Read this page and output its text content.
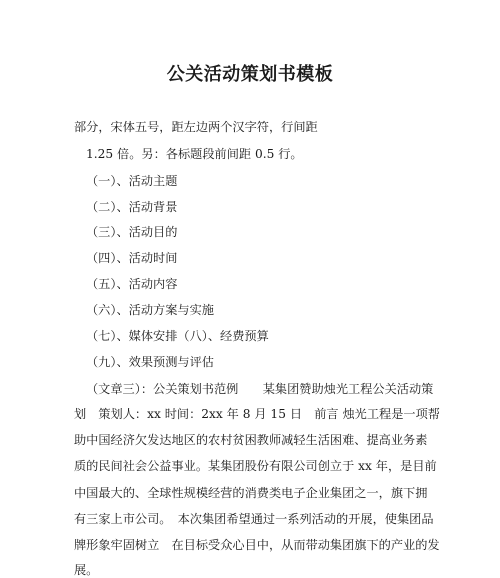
公关活动策划书模板
部分，宋体五号，距左边两个汉字符，行间距
1.25 倍。另：各标题段前间距 0.5 行。
（一）、活动主题
（二）、活动背景
（三）、活动目的
（四）、活动时间
（五）、活动内容
（六）、活动方案与实施
（七）、媒体安排（八）、经费预算
（九）、效果预测与评估
（文章三）：公关策划书范例　　某集团赞助烛光工程公关活动策
划　策划人：xx 时间：2xx 年 8 月 15 日　前言 烛光工程是一项帮
助中国经济欠发达地区的农村贫困教师减轻生活困难、提高业务素
质的民间社会公益事业。某集团股份有限公司创立于 xx 年，是目前
中国最大的、全球性规模经营的消费类电子企业集团之一，旗下拥
有三家上市公司。　本次集团希望通过一系列活动的开展，使集团品
牌形象牢固树立　在目标受众心目中，从而带动集团旗下的产业的发
展。
